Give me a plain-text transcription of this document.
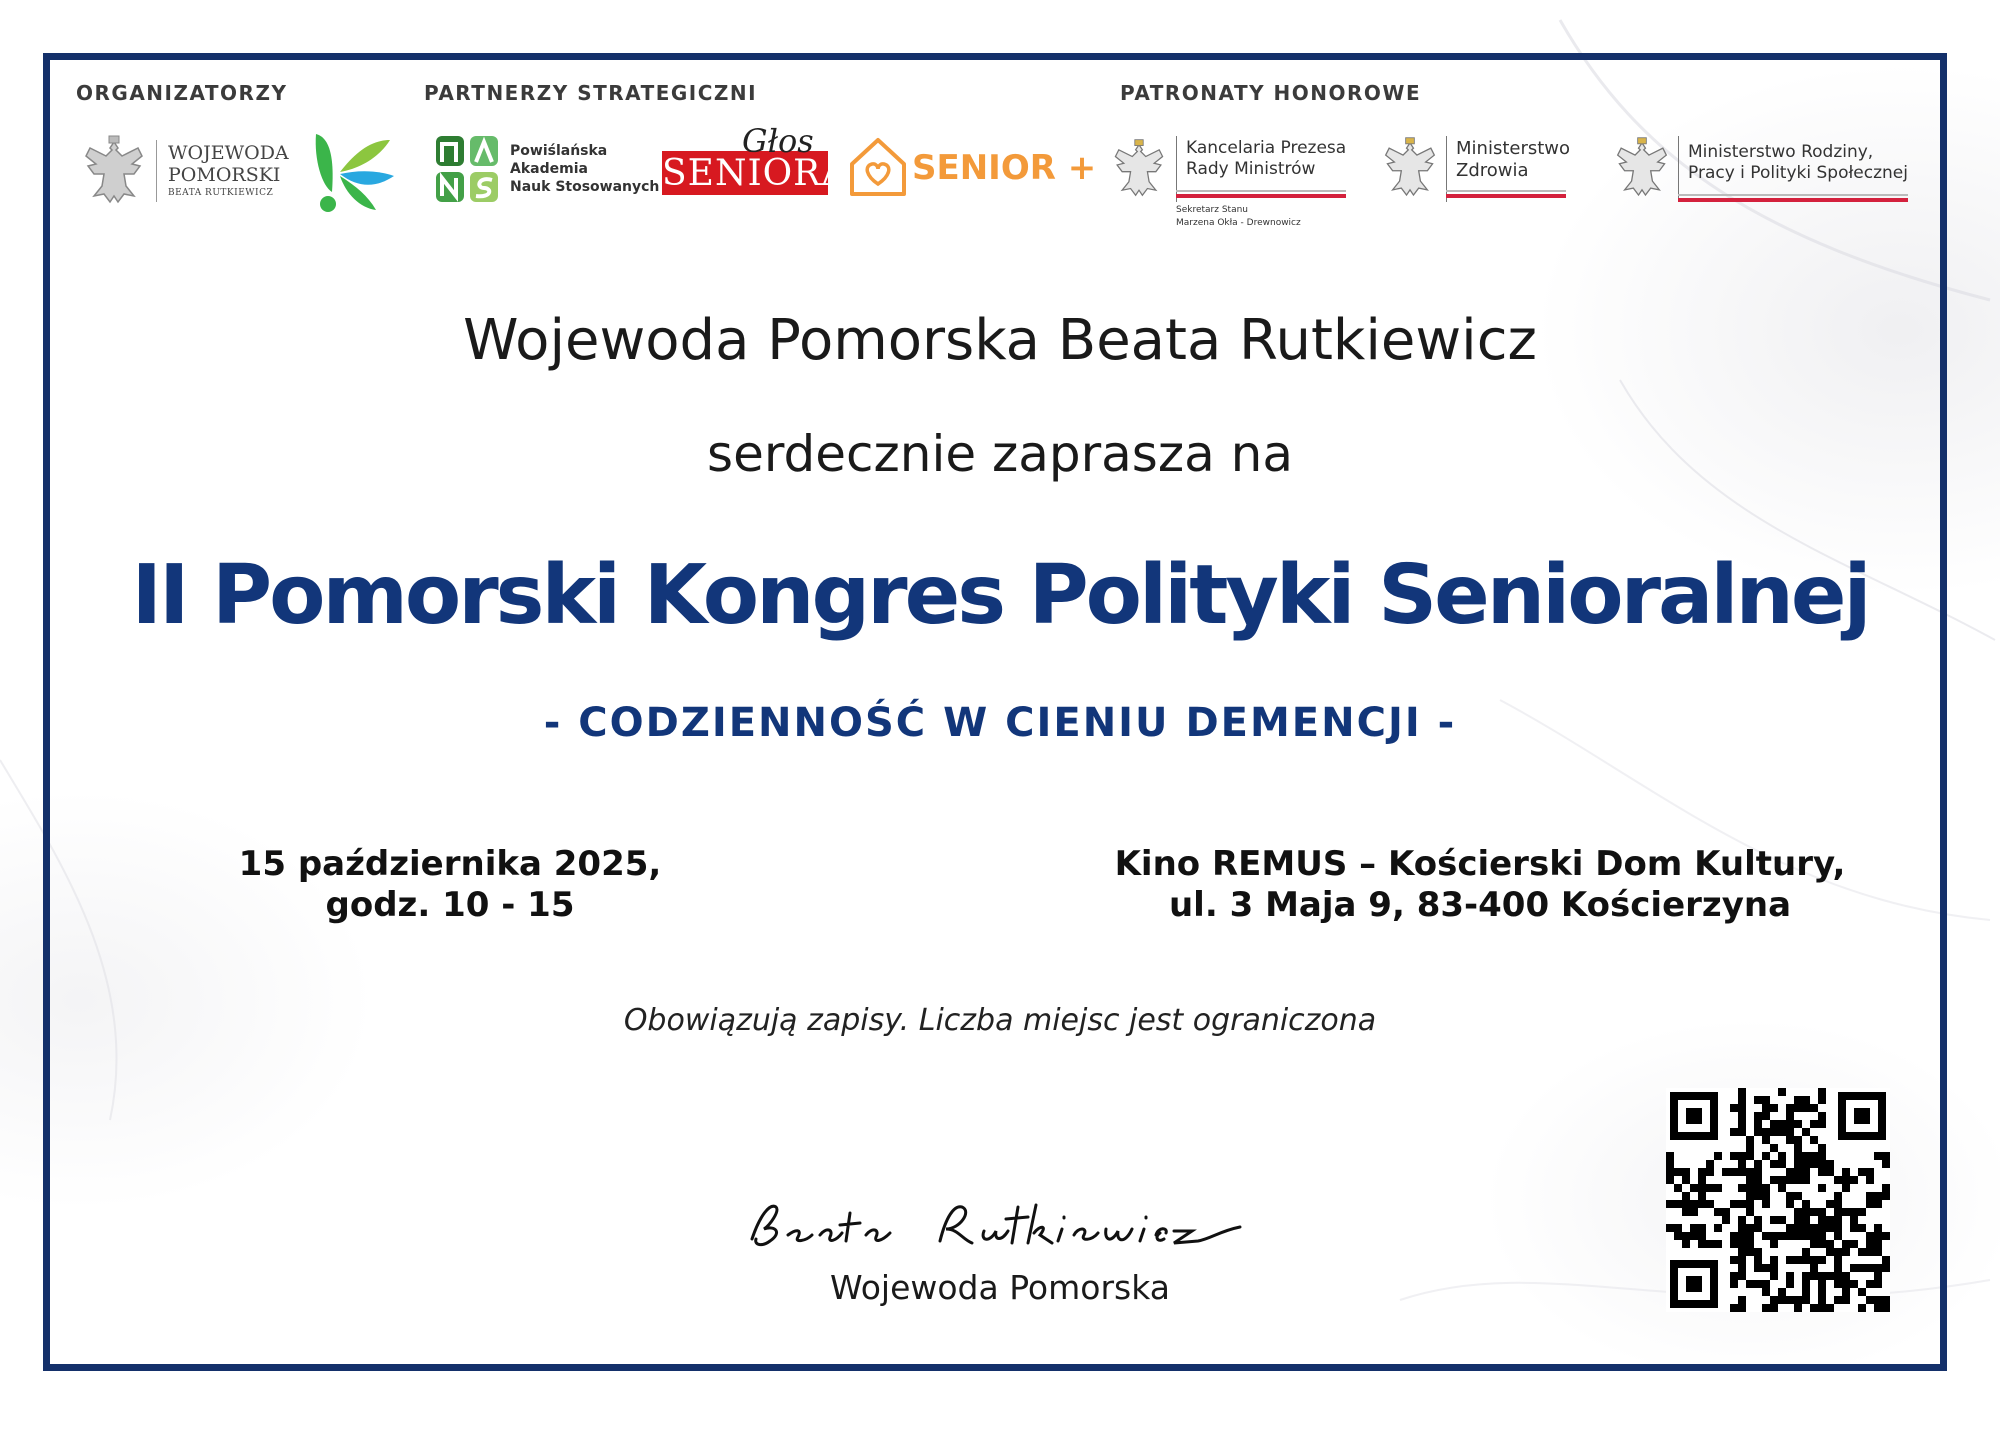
ORGANIZATORZY	PARTNERZY STRATEGICZNI	PATRONATY HONOROWE
WOJEWODA
POMORSKI
BEATA RUTKIEWICZ
Powiślańska
Akademia
Nauk Stosowanych SENIORA
Głos
SENIOR +	Kancelaria Prezesa
Rady Ministrów
Sekretarz Stanu
Marzena Okła - Drewnowicz
Ministerstwo
Zdrowia
Ministerstwo Rodziny,
Pracy i Polityki Społecznej
Wojewoda Pomorska Beata Rutkiewicz
serdecznie zaprasza na
II Pomorski Kongres Polityki Senioralnej
- CODZIENNOŚĆ W CIENIU DEMENCJI -
15 października 2025,
godz. 10 - 15
Kino REMUS – Kościerski Dom Kultury,
ul. 3 Maja 9, 83-400 Kościerzyna
Obowiązują zapisy. Liczba miejsc jest ograniczona
Wojewoda Pomorska
